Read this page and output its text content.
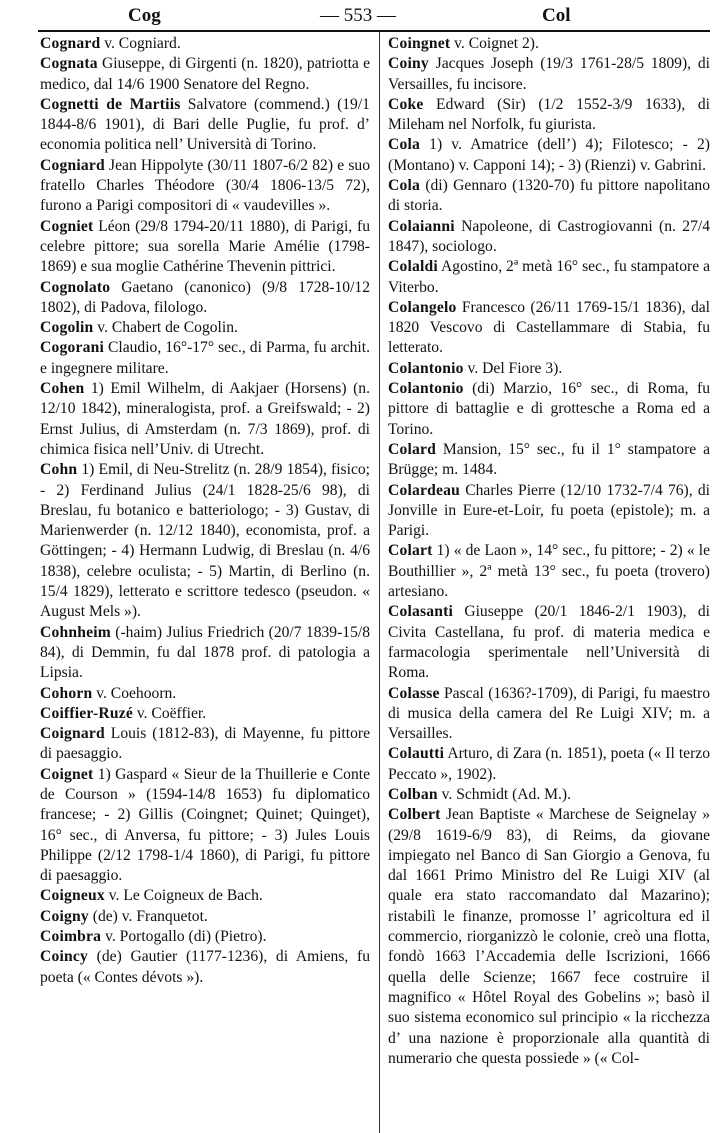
Cog	— 553 —	Col

Cognard v. Cogniard.

Cognata Giuseppe, di Girgenti (n. 1820), patriotta e medico, dal 14/6 1900 Senatore del Regno.

Cognetti de Martiis Salvatore (commend.) (19/1 1844-8/6 1901), di Bari delle Puglie, fu prof. d’ economia politica nell’ Università di Torino.

Cogniard Jean Hippolyte (30/11 1807-6/2 82) e suo fratello Charles Théodore (30/4 1806-13/5 72), furono a Parigi compositori di « vaudevilles ».

Cogniet Léon (29/8 1794-20/11 1880), di Parigi, fu celebre pittore; sua sorella Marie Amélie (1798-1869) e sua moglie Cathérine Thevenin pittrici.

Cognolato Gaetano (canonico) (9/8 1728-10/12 1802), di Padova, filologo.

Cogolin v. Chabert de Cogolin.

Cogorani Claudio, 16°-17° sec., di Parma, fu archit. e ingegnere militare.

Cohen 1) Emil Wilhelm, di Aakjaer (Horsens) (n. 12/10 1842), mineralogista, prof. a Greifswald; - 2) Ernst Julius, di Amsterdam (n. 7/3 1869), prof. di chimica fisica nell’Univ. di Utrecht.

Cohn 1) Emil, di Neu-Strelitz (n. 28/9 1854), fisico; - 2) Ferdinand Julius (24/1 1828-25/6 98), di Breslau, fu botanico e batteriologo; - 3) Gustav, di Marienwerder (n. 12/12 1840), economista, prof. a Göttingen; - 4) Hermann Ludwig, di Breslau (n. 4/6 1838), celebre oculista; - 5) Martin, di Berlino (n. 15/4 1829), letterato e scrittore tedesco (pseudon. « August Mels »).

Cohnheim (-haim) Julius Friedrich (20/7 1839-15/8 84), di Demmin, fu dal 1878 prof. di patologia a Lipsia.

Cohorn v. Coehoorn.

Coiffier-Ruzé v. Coëffier.

Coignard Louis (1812-83), di Mayenne, fu pittore di paesaggio.

Coignet 1) Gaspard « Sieur de la Thuillerie e Conte de Courson » (1594-14/8 1653) fu diplomatico francese; - 2) Gillis (Coingnet; Quinet; Quinget), 16° sec., di Anversa, fu pittore; - 3) Jules Louis Philippe (2/12 1798-1/4 1860), di Parigi, fu pittore di paesaggio.

Coigneux v. Le Coigneux de Bach.

Coigny (de) v. Franquetot.

Coimbra v. Portogallo (di) (Pietro).

Coincy (de) Gautier (1177-1236), di Amiens, fu poeta (« Contes dévots »).

Coingnet v. Coignet 2).

Coiny Jacques Joseph (19/3 1761-28/5 1809), di Versailles, fu incisore.

Coke Edward (Sir) (1/2 1552-3/9 1633), di Mileham nel Norfolk, fu giurista.

Cola 1) v. Amatrice (dell’) 4); Filotesco; - 2) (Montano) v. Capponi 14); - 3) (Rienzi) v. Gabrini.

Cola (di) Gennaro (1320-70) fu pittore napolitano di storia.

Colaianni Napoleone, di Castrogiovanni (n. 27/4 1847), sociologo.

Colaldi Agostino, 2ª metà 16° sec., fu stampatore a Viterbo.

Colangelo Francesco (26/11 1769-15/1 1836), dal 1820 Vescovo di Castellammare di Stabia, fu letterato.

Colantonio v. Del Fiore 3).

Colantonio (di) Marzio, 16° sec., di Roma, fu pittore di battaglie e di grottesche a Roma ed a Torino.

Colard Mansion, 15° sec., fu il 1° stampatore a Brügge; m. 1484.

Colardeau Charles Pierre (12/10 1732-7/4 76), di Jonville in Eure-et-Loir, fu poeta (epistole); m. a Parigi.

Colart 1) « de Laon », 14° sec., fu pittore; - 2) « le Bouthillier », 2ª metà 13° sec., fu poeta (trovero) artesiano.

Colasanti Giuseppe (20/1 1846-2/1 1903), di Civita Castellana, fu prof. di materia medica e farmacologia sperimentale nell’Università di Roma.

Colasse Pascal (1636?-1709), di Parigi, fu maestro di musica della camera del Re Luigi XIV; m. a Versailles.

Colautti Arturo, di Zara (n. 1851), poeta (« Il terzo Peccato », 1902).

Colban v. Schmidt (Ad. M.).

Colbert Jean Baptiste « Marchese de Seignelay » (29/8 1619-6/9 83), di Reims, da giovane impiegato nel Banco di San Giorgio a Genova, fu dal 1661 Primo Ministro del Re Luigi XIV (al quale era stato raccomandato dal Mazarino); ristabilì le finanze, promosse l’ agricoltura ed il commercio, riorganizzò le colonie, creò una flotta, fondò 1663 l’Accademia delle Iscrizioni, 1666 quella delle Scienze; 1667 fece costruire il magnifico « Hôtel Royal des Gobelins »; basò il suo sistema economico sul principio « la ricchezza d’ una nazione è proporzionale alla quantità di numerario che questa possiede » (« Col-
